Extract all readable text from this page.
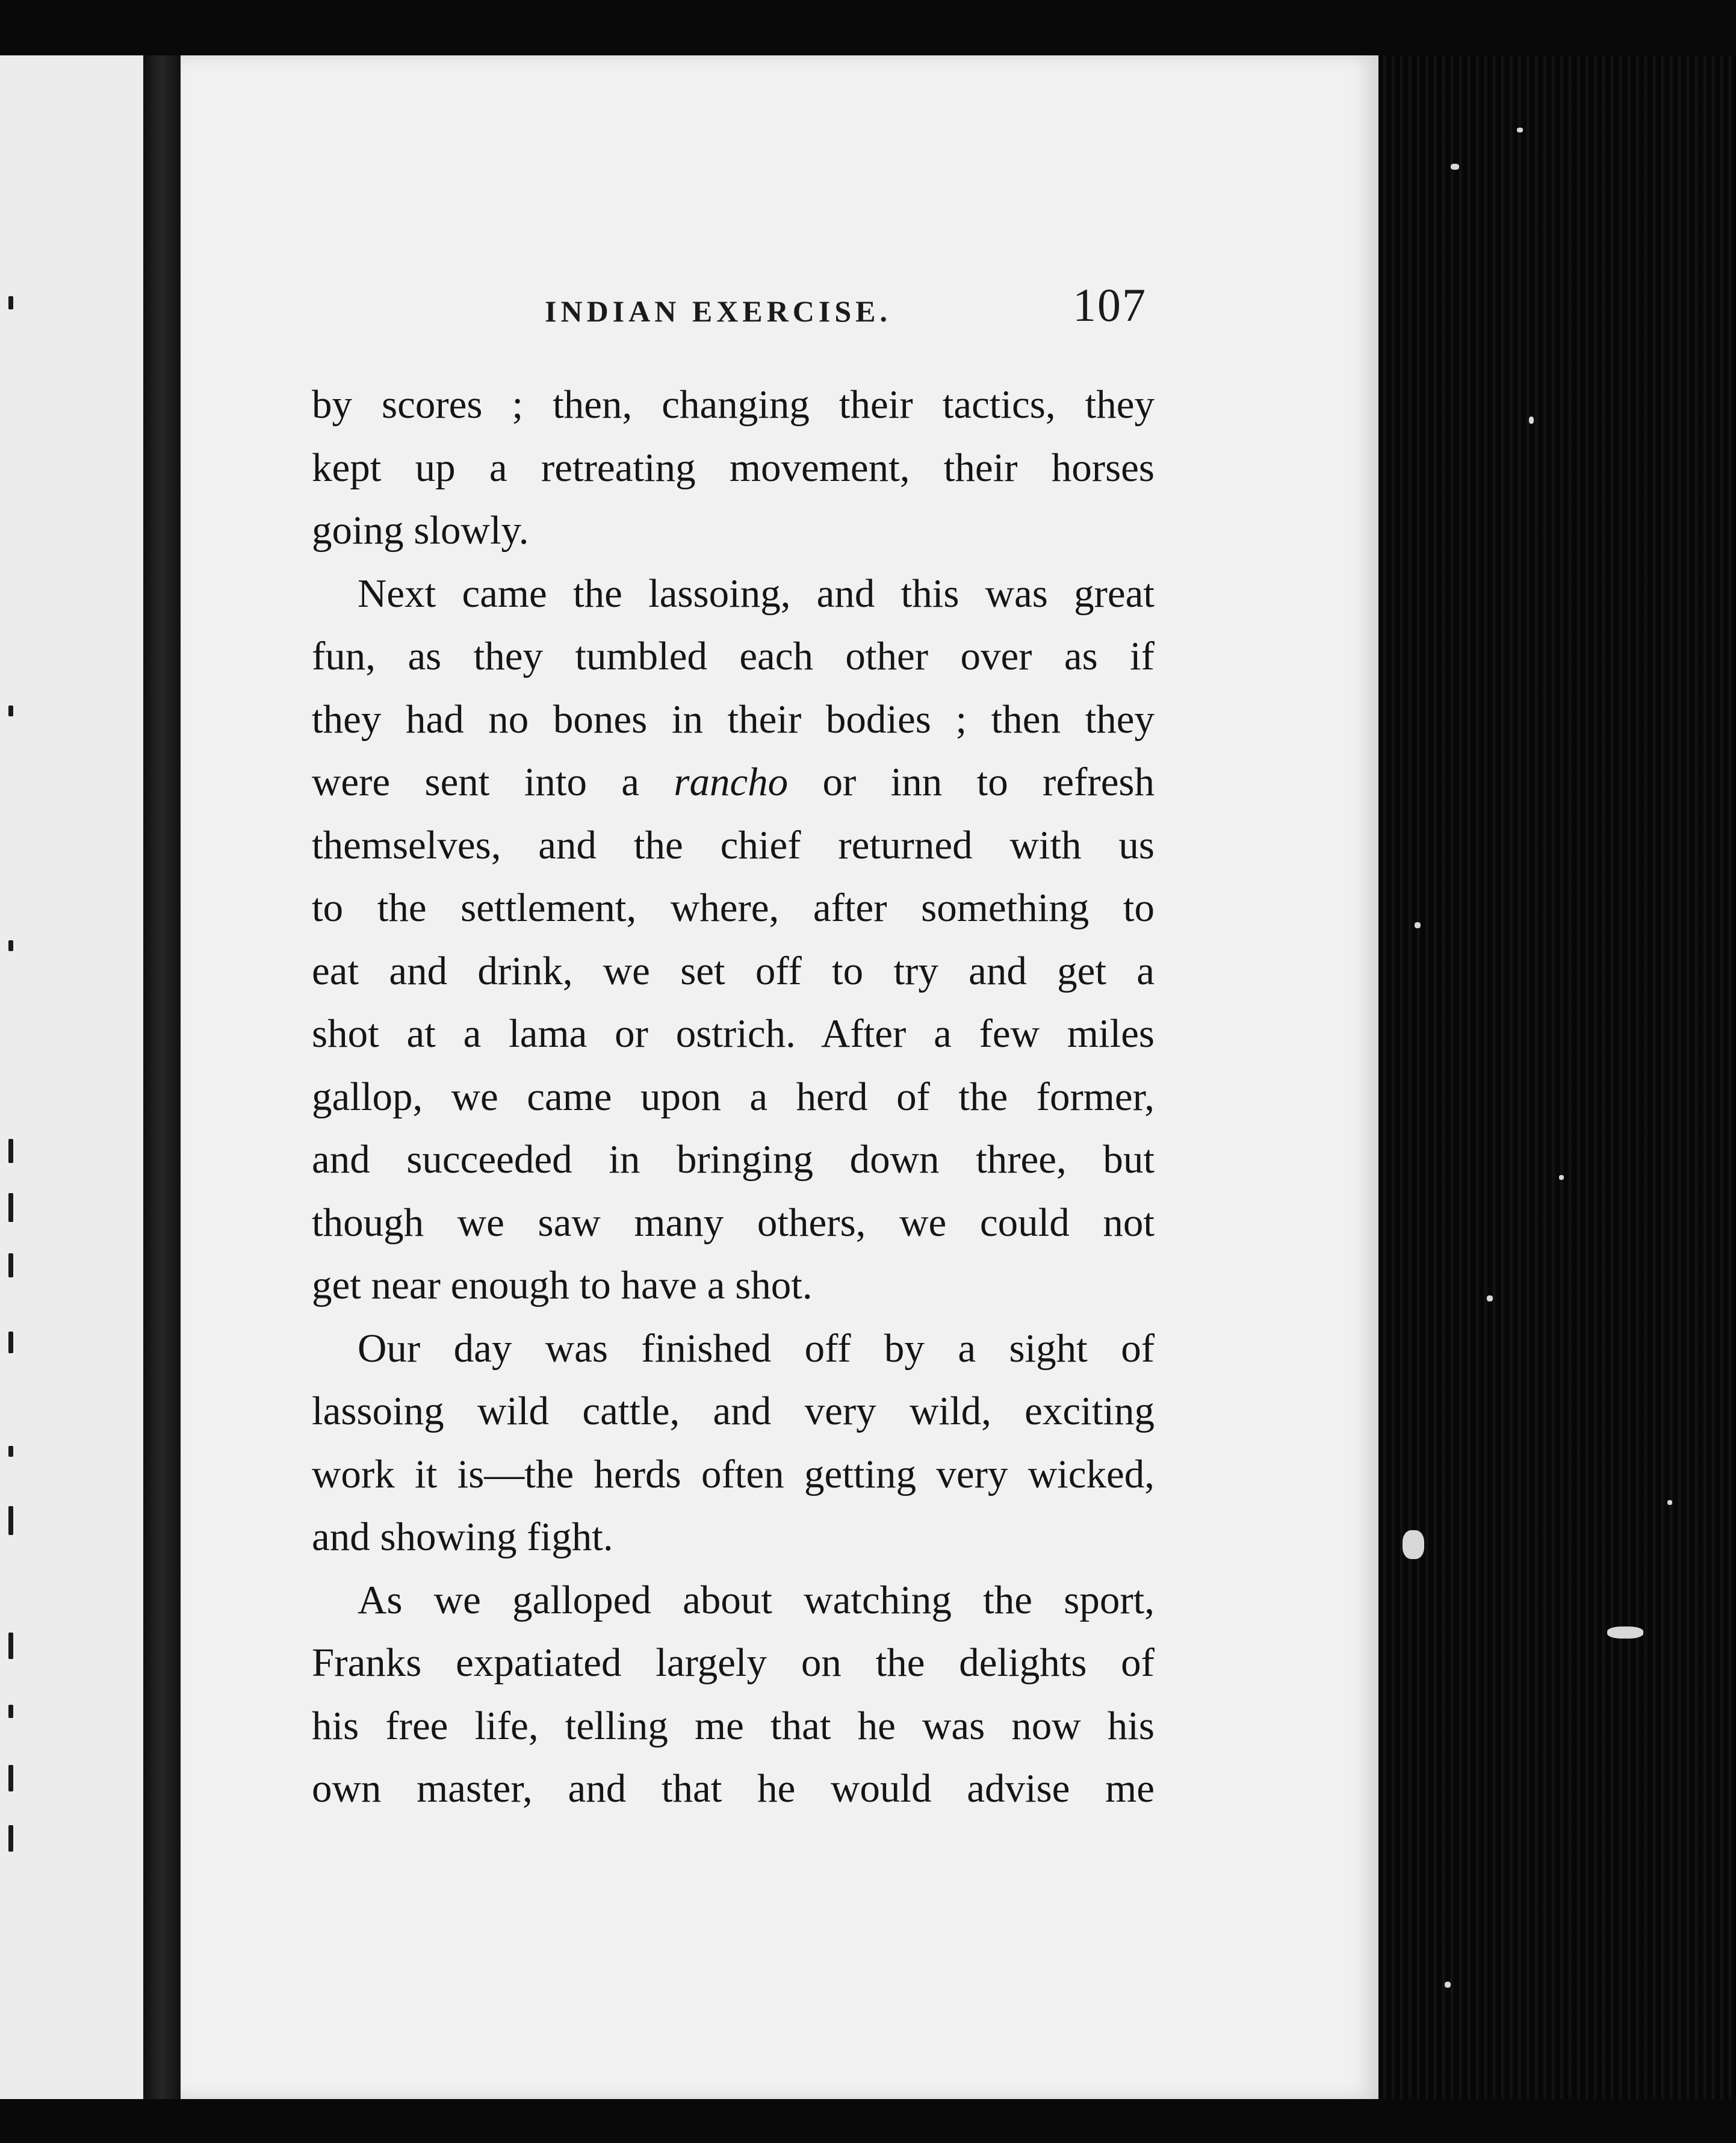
INDIAN EXERCISE.	107
by scores ; then, changing their tactics, they
kept up a retreating movement, their horses
going slowly.
Next came the lassoing, and this was great
fun, as they tumbled each other over as if
they had no bones in their bodies ; then they
were sent into a rancho or inn to refresh
themselves, and the chief returned with us
to the settlement, where, after something to
eat and drink, we set off to try and get a
shot at a lama or ostrich. After a few miles
gallop, we came upon a herd of the former,
and succeeded in bringing down three, but
though we saw many others, we could not
get near enough to have a shot.
Our day was finished off by a sight of
lassoing wild cattle, and very wild, exciting
work it is—the herds often getting very wicked,
and showing fight.
As we galloped about watching the sport,
Franks expatiated largely on the delights of
his free life, telling me that he was now his
own master, and that he would advise me
